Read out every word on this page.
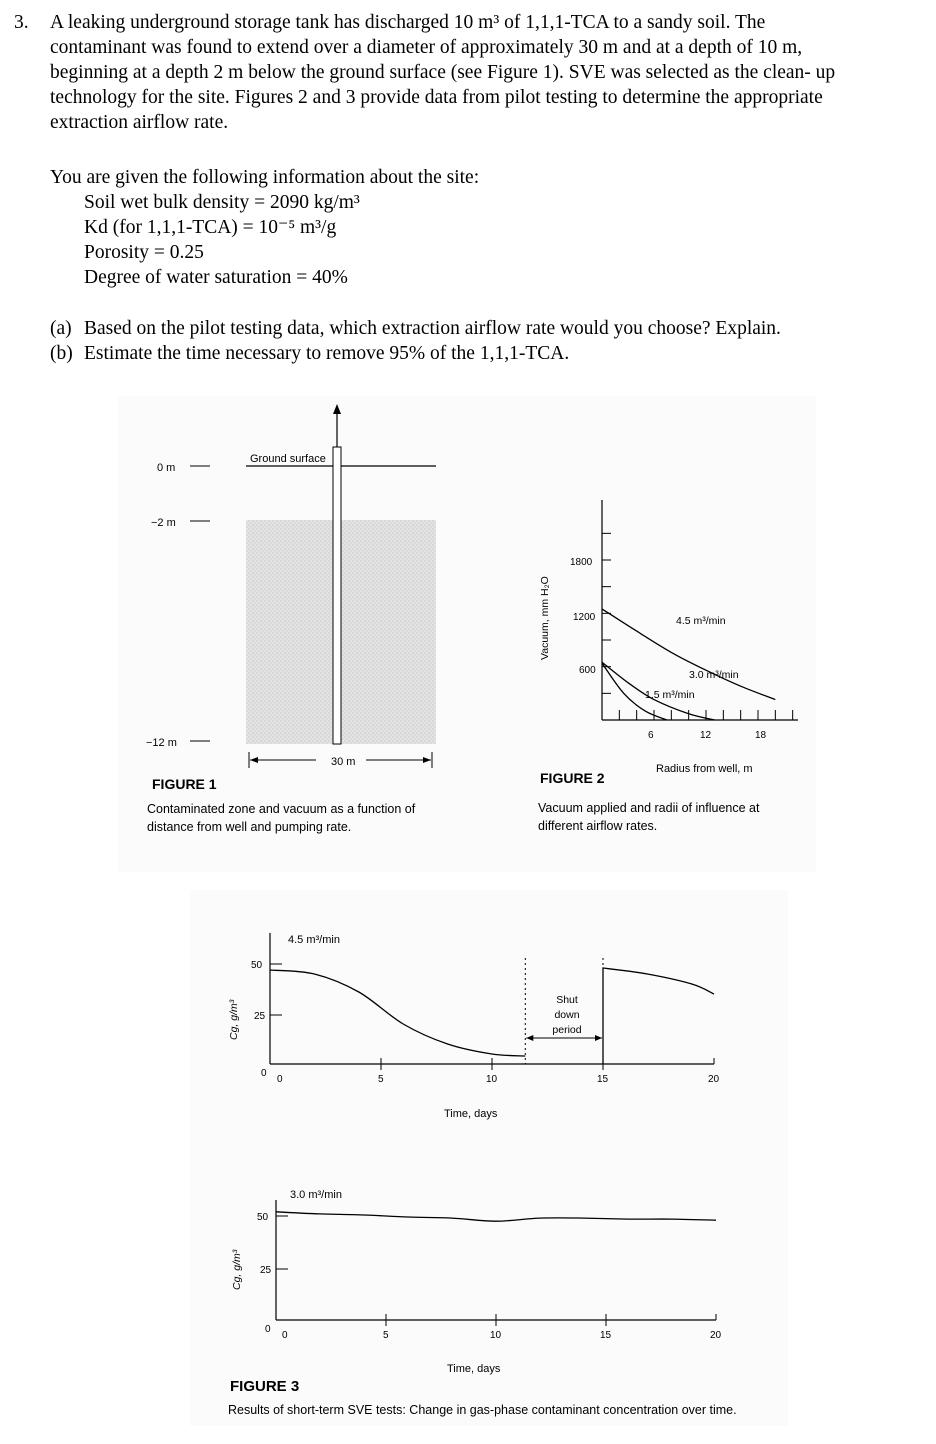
3. A leaking underground storage tank has discharged 10 m³ of 1,1,1-TCA to a sandy soil. The
contaminant was found to extend over a diameter of approximately 30 m and at a depth of 10 m,
beginning at a depth 2 m below the ground surface (see Figure 1). SVE was selected as the clean- up
technology for the site. Figures 2 and 3 provide data from pilot testing to determine the appropriate
extraction airflow rate.
You are given the following information about the site:
Soil wet bulk density = 2090 kg/m³
Kd (for 1,1,1-TCA) = 10⁻⁵ m³/g
Porosity = 0.25
Degree of water saturation = 40%
(a) Based on the pilot testing data, which extraction airflow rate would you choose? Explain.
(b) Estimate the time necessary to remove 95% of the 1,1,1-TCA.
Ground surface
0 m
−2 m
−12 m
30 m
FIGURE 1
Contaminated zone and vacuum as a function of
distance from well and pumping rate.
1800
1200
600
6	12	18
Vacuum, mm H₂O
Radius from well, m
4.5 m³/min
3.0 m³/min
1.5 m³/min
FIGURE 2
Vacuum applied and radii of influence at
different airflow rates.
50
25
0
0	5	10	15	20
Cg, g/m³
Time, days
4.5 m³/min
Shut
down
period
50
25
0
0	5	10	15	20
Cg, g/m³
Time, days
3.0 m³/min
FIGURE 3
Results of short-term SVE tests: Change in gas-phase contaminant concentration over time.
